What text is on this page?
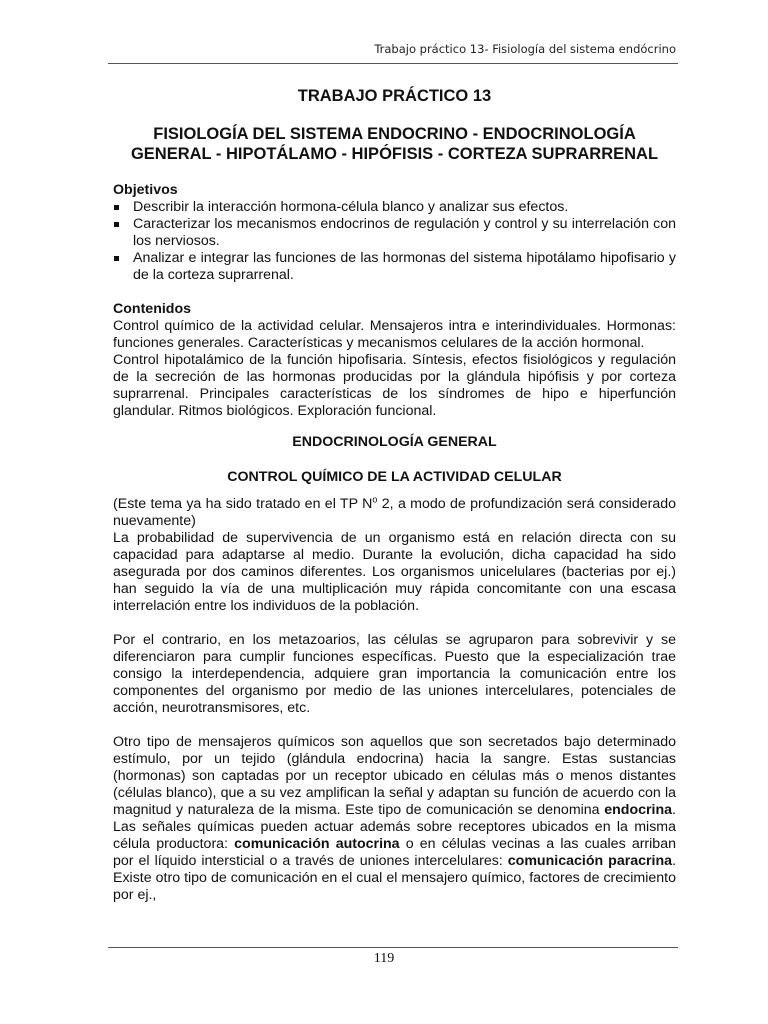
Trabajo práctico 13- Fisiología del sistema endócrino
TRABAJO PRÁCTICO 13
FISIOLOGÍA DEL SISTEMA ENDOCRINO - ENDOCRINOLOGÍA GENERAL - HIPOTÁLAMO - HIPÓFISIS - CORTEZA SUPRARRENAL

Objetivos

Describir la interacción hormona-célula blanco y analizar sus efectos.
Caracterizar los mecanismos endocrinos de regulación y control y su interrelación con los nerviosos.
Analizar e integrar las funciones de las hormonas del sistema hipotálamo hipofisario y de la corteza suprarrenal.

Contenidos

Control químico de la actividad celular. Mensajeros intra e interindividuales. Hormonas: funciones generales. Características y mecanismos celulares de la acción hormonal.

Control hipotalámico de la función hipofisaria. Síntesis, efectos fisiológicos y regulación de la secreción de las hormonas producidas por la glándula hipófisis y por corteza suprarrenal. Principales características de los síndromes de hipo e hiperfunción glandular. Ritmos biológicos. Exploración funcional.

ENDOCRINOLOGÍA GENERAL

CONTROL QUÍMICO DE LA ACTIVIDAD CELULAR

(Este tema ya ha sido tratado en el TP $N^o$ 2, a modo de profundización será considerado nuevamente)

La probabilidad de supervivencia de un organismo está en relación directa con su capacidad para adaptarse al medio. Durante la evolución, dicha capacidad ha sido asegurada por dos caminos diferentes. Los organismos unicelulares (bacterias por ej.) han seguido la vía de una multiplicación muy rápida concomitante con una escasa interrelación entre los individuos de la población.

Por el contrario, en los metazoarios, las células se agruparon para sobrevivir y se diferenciaron para cumplir funciones específicas. Puesto que la especialización trae consigo la interdependencia, adquiere gran importancia la comunicación entre los componentes del organismo por medio de las uniones intercelulares, potenciales de acción, neurotransmisores, etc.

Otro tipo de mensajeros químicos son aquellos que son secretados bajo determinado estímulo, por un tejido (glándula endocrina) hacia la sangre. Estas sustancias (hormonas) son captadas por un receptor ubicado en células más o menos distantes (células blanco), que a su vez amplifican la señal y adaptan su función de acuerdo con la magnitud y naturaleza de la misma. Este tipo de comunicación se denomina endocrina. Las señales químicas pueden actuar además sobre receptores ubicados en la misma célula productora: comunicación autocrina o en células vecinas a las cuales arriban por el líquido intersticial o a través de uniones intercelulares: comunicación paracrina. Existe otro tipo de comunicación en el cual el mensajero químico, factores de crecimiento por ej.,

119
